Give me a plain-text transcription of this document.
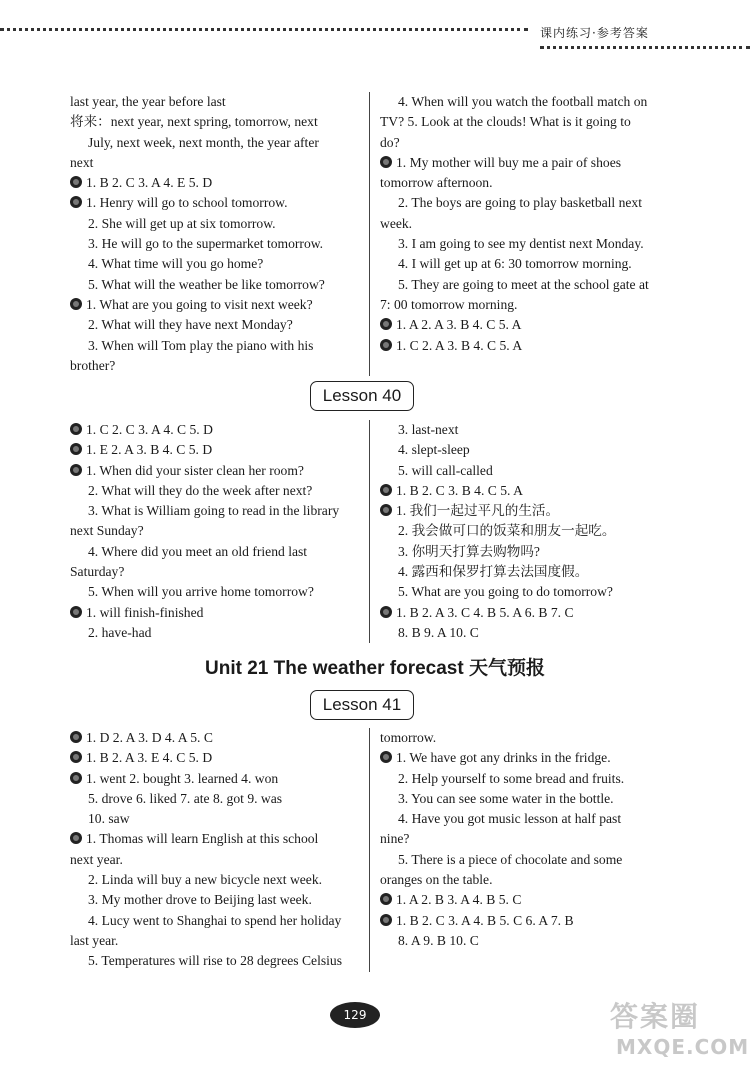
课内练习·参考答案
last year, the year before last
将来：next year, next spring, tomorrow, next
July, next week, next month, the year after
next
1. B 2. C 3. A 4. E 5. D
1. Henry will go to school tomorrow.
2. She will get up at six tomorrow.
3. He will go to the supermarket tomorrow.
4. What time will you go home?
5. What will the weather be like tomorrow?
1. What are you going to visit next week?
2. What will they have next Monday?
3. When will Tom play the piano with his
brother?
4. When will you watch the football match on
TV? 5. Look at the clouds! What is it going to
do?
1. My mother will buy me a pair of shoes
tomorrow afternoon.
2. The boys are going to play basketball next
week.
3. I am going to see my dentist next Monday.
4. I will get up at 6: 30 tomorrow morning.
5. They are going to meet at the school gate at
7: 00 tomorrow morning.
1. A 2. A 3. B 4. C 5. A
1. C 2. A 3. B 4. C 5. A
Lesson 40
1. C 2. C 3. A 4. C 5. D
1. E 2. A 3. B 4. C 5. D
1. When did your sister clean her room?
2. What will they do the week after next?
3. What is William going to read in the library
next Sunday?
4. Where did you meet an old friend last
Saturday?
5. When will you arrive home tomorrow?
1. will finish-finished
2. have-had
3. last-next
4. slept-sleep
5. will call-called
1. B 2. C 3. B 4. C 5. A
1. 我们一起过平凡的生活。
2. 我会做可口的饭菜和朋友一起吃。
3. 你明天打算去购物吗?
4. 露西和保罗打算去法国度假。
5. What are you going to do tomorrow?
1. B 2. A 3. C 4. B 5. A 6. B 7. C
8. B 9. A 10. C
Unit 21 The weather forecast 天气预报
Lesson 41
1. D 2. A 3. D 4. A 5. C
1. B 2. A 3. E 4. C 5. D
1. went 2. bought 3. learned 4. won
5. drove 6. liked 7. ate 8. got 9. was
10. saw
1. Thomas will learn English at this school
next year.
2. Linda will buy a new bicycle next week.
3. My mother drove to Beijing last week.
4. Lucy went to Shanghai to spend her holiday
last year.
5. Temperatures will rise to 28 degrees Celsius
tomorrow.
1. We have got any drinks in the fridge.
2. Help yourself to some bread and fruits.
3. You can see some water in the bottle.
4. Have you got music lesson at half past
nine?
5. There is a piece of chocolate and some
oranges on the table.
1. A 2. B 3. A 4. B 5. C
1. B 2. C 3. A 4. B 5. C 6. A 7. B
8. A 9. B 10. C
129	答案圈
MXQE.COM
